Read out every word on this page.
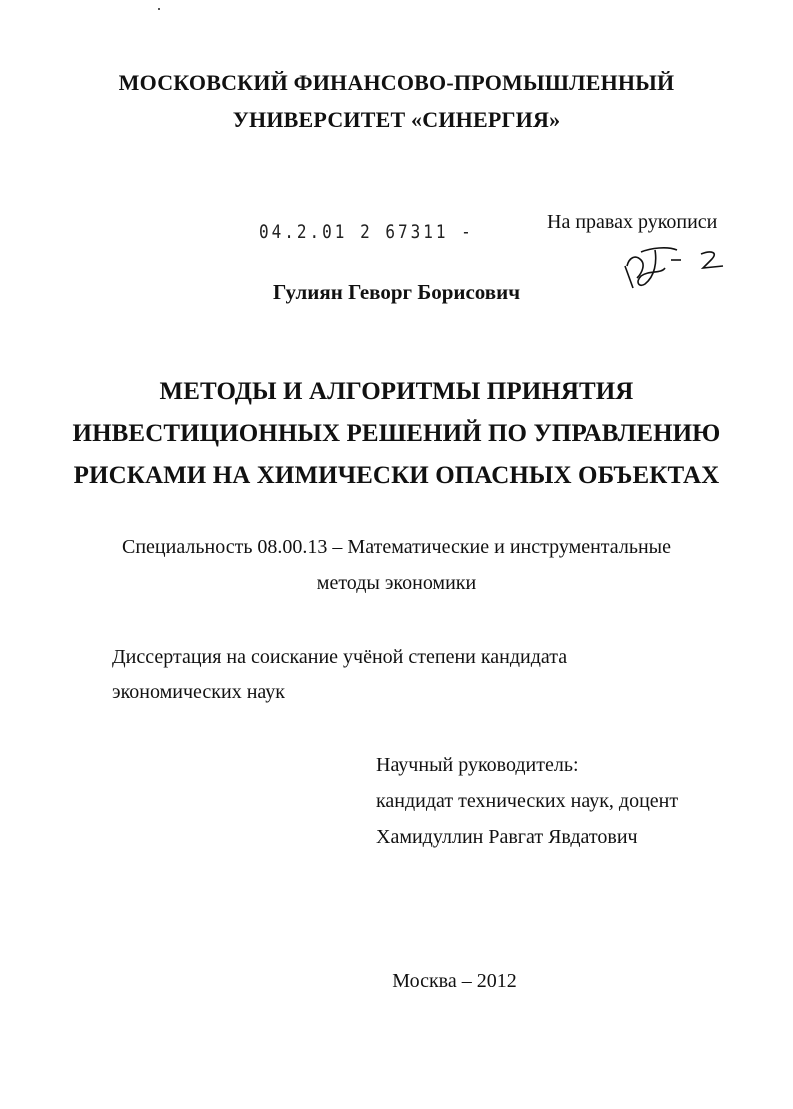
МОСКОВСКИЙ ФИНАНСОВО-ПРОМЫШЛЕННЫЙ
УНИВЕРСИТЕТ «СИНЕРГИЯ»
04.2.01 2 67311 -	На правах рукописи
Гулиян Геворг Борисович
МЕТОДЫ И АЛГОРИТМЫ ПРИНЯТИЯ
ИНВЕСТИЦИОННЫХ РЕШЕНИЙ ПО УПРАВЛЕНИЮ
РИСКАМИ НА ХИМИЧЕСКИ ОПАСНЫХ ОБЪЕКТАХ
Специальность 08.00.13 – Математические и инструментальные
методы экономики
Диссертация на соискание учёной степени кандидата
экономических наук
Научный руководитель:
кандидат технических наук, доцент
Хамидуллин Равгат Явдатович
Москва – 2012
